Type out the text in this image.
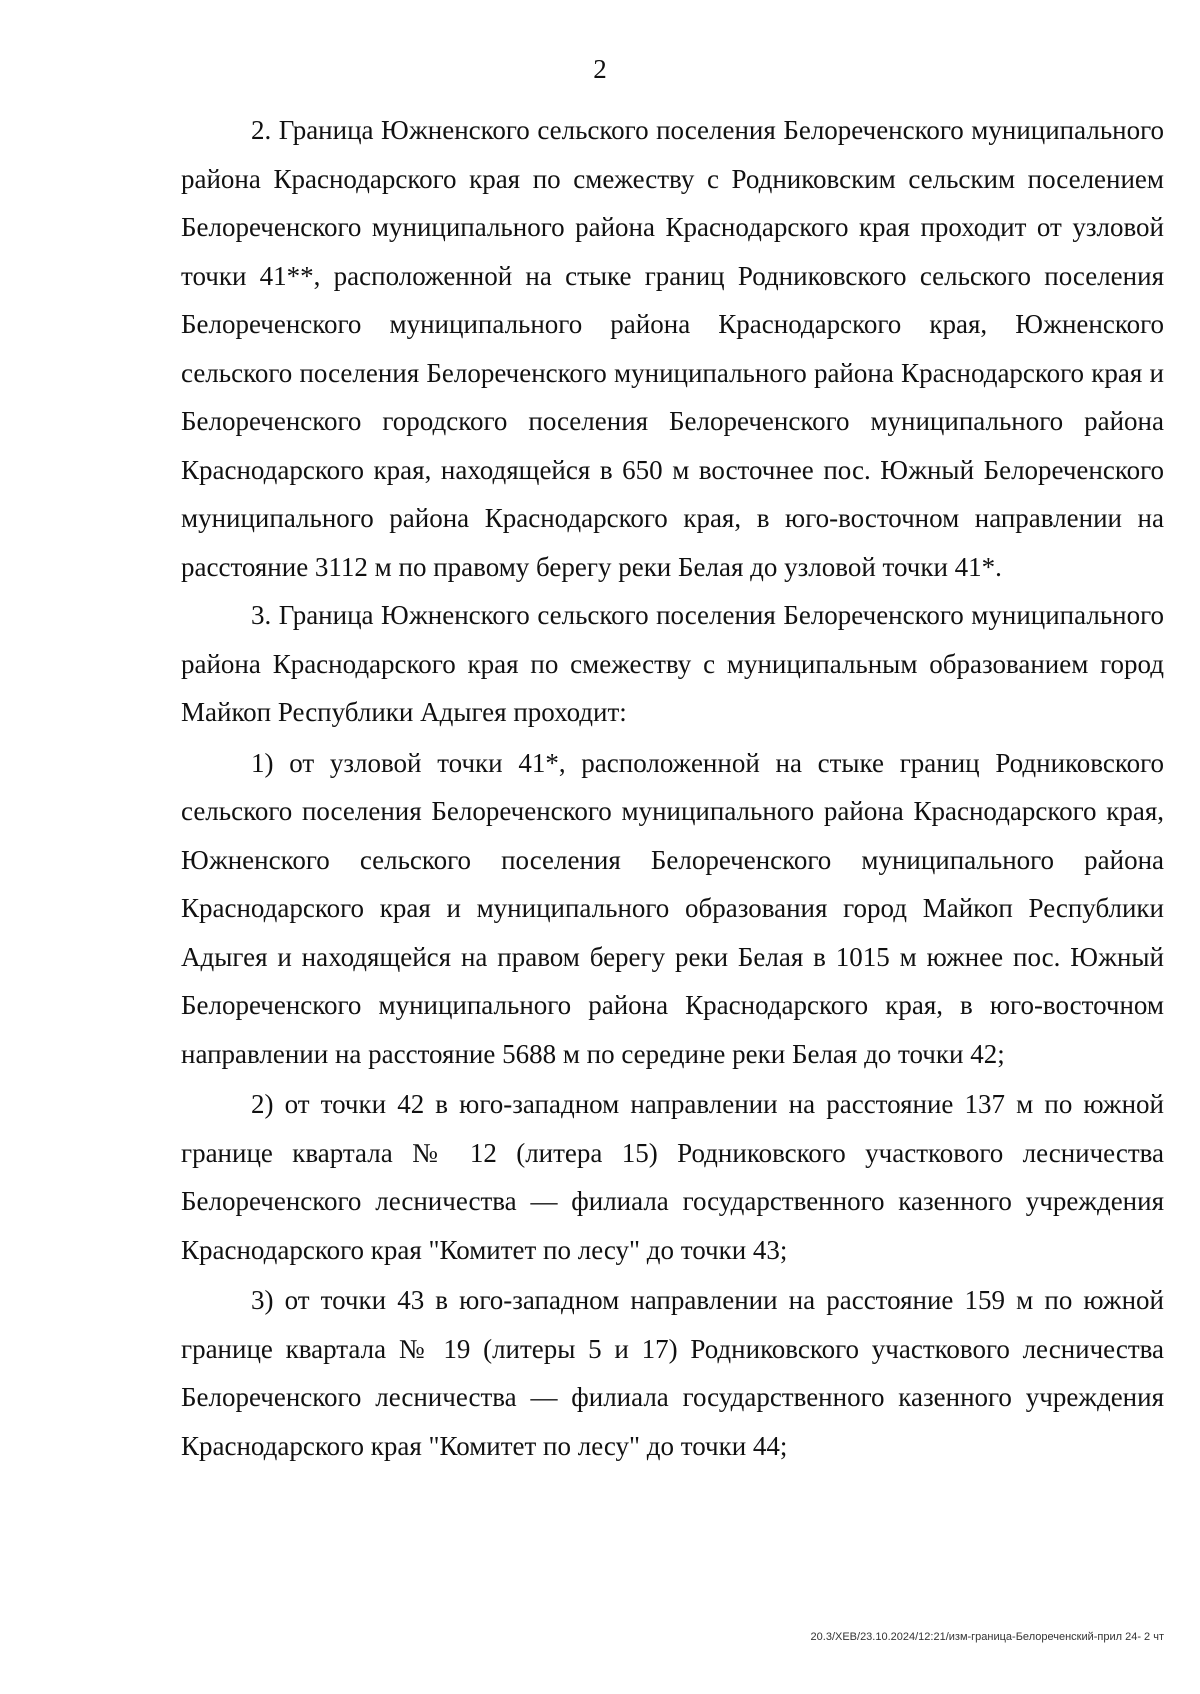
2

2. Граница Южненского сельского поселения Белореченского муниципального района Краснодарского края по смежеству с Родниковским сельским поселением Белореченского муниципального района Краснодарского края проходит от узловой точки 41**, расположенной на стыке границ Родниковского сельского поселения Белореченского муниципального района Краснодарского края, Южненского сельского поселения Белореченского муниципального района Краснодарского края и Белореченского городского поселения Белореченского муниципального района Краснодарского края, находящейся в 650 м восточнее пос. Южный Белореченского муниципального района Краснодарского края, в юго-восточном направлении на расстояние 3112 м по правому берегу реки Белая до узловой точки 41*.

3. Граница Южненского сельского поселения Белореченского муниципального района Краснодарского края по смежеству с муниципальным образованием город Майкоп Республики Адыгея проходит:

1) от узловой точки 41*, расположенной на стыке границ Родниковского сельского поселения Белореченского муниципального района Краснодарского края, Южненского сельского поселения Белореченского муниципального района Краснодарского края и муниципального образования город Майкоп Республики Адыгея и находящейся на правом берегу реки Белая в 1015 м южнее пос. Южный Белореченского муниципального района Краснодарского края, в юго-восточном направлении на расстояние 5688 м по середине реки Белая до точки 42;

2) от точки 42 в юго-западном направлении на расстояние 137 м по южной границе квартала № 12 (литера 15) Родниковского участкового лесничества Белореченского лесничества — филиала государственного казенного учреждения Краснодарского края "Комитет по лесу" до точки 43;

3) от точки 43 в юго-западном направлении на расстояние 159 м по южной границе квартала № 19 (литеры 5 и 17) Родниковского участкового лесничества Белореченского лесничества — филиала государственного казенного учреждения Краснодарского края "Комитет по лесу" до точки 44;

20.3/ХЕВ/23.10.2024/12:21/изм-граница-Белореченский-прил 24- 2 чт
